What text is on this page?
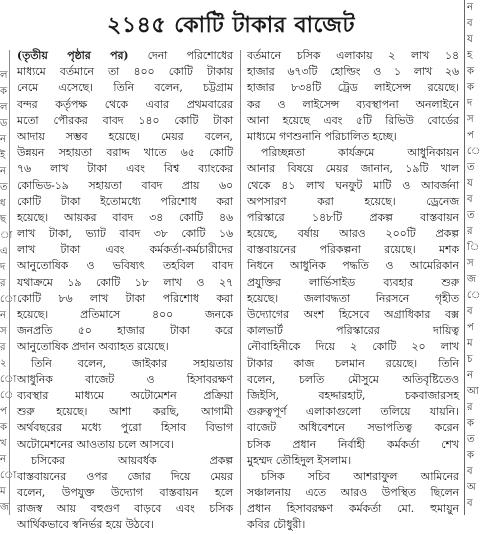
ল
ক
ল
ড
ন
ই
ন
ত
ধ
ছ
া
এ
দ
র
ো
ন
স
র
২
ো
ে
প
ক
খ
ন
ো
ম
জ
২১৪৫ কোটি টাকার বাজেট
(তৃতীয় পৃষ্ঠার পর) দেনা পরিশোধের
মাধ্যমে বর্তমানে তা ৪০০ কোটি টাকায়
নেমে এসেছে। তিনি বলেন, চট্টগ্রাম
বন্দর কর্তৃপক্ষ থেকে এবার প্রথমবারের
মতো পৌরকর বাবদ ১৪০ কোটি টাকা
আদায় সম্ভব হয়েছে। মেয়র বলেন,
উন্নয়ন সহায়তা বরাদ্দ খাতে ৬৫ কোটি
৭৬ লাখ টাকা এবং বিশ্ব ব্যাংকের
কোভিড-১৯ সহায়তা বাবদ প্রায় ৬০
কোটি টাকা ইতোমধ্যে পরিশোধ করা
হয়েছে। আয়কর বাবদ ৩৪ কোটি ৪৬
লাখ টাকা, ভ্যাট বাবদ ৩৮ কোটি ১৬
লাখ টাকা এবং কর্মকর্তা-কর্মচারীদের
আনুতোষিক ও ভবিষ্যৎ তহবিল বাবদ
যথাক্রমে ১৯ কোটি ১৮ লাখ ও ২৭
কোটি ৮৬ লাখ টাকা পরিশোধ করা
হয়েছে। প্রতিমাসে ৪০০ জনকে
জনপ্রতি ৫০ হাজার টাকা করে
আনুতোষিক প্রদান অব্যাহত রয়েছে।
তিনি বলেন, জাইকার সহায়তায়
আধুনিক বাজেট ও হিসাবরক্ষণ
ব্যবস্থার মাধ্যমে অটোমেশন প্রক্রিয়া
শুরু হয়েছে। আশা করছি, আগামী
অর্থবছরের মধ্যে পুরো হিসাব বিভাগ
অটোমেশনের আওতায় চলে আসবে।
চসিকের আয়বর্ধক প্রকল্প
বাস্তবায়নের ওপর জোর দিয়ে মেয়র
বলেন, উপযুক্ত উদ্যোগ বাস্তবায়ন হলে
রাজস্ব আয় বহুগুণ বাড়বে এবং চসিক
আর্থিকভাবে স্বনির্ভর হয়ে উঠবে।
বর্তমানে চসিক এলাকায় ২ লাখ ১৪
হাজার ৬৭৩টি হোল্ডিং ও ১ লাখ ২৬
হাজার ৮৩৪টি ট্রেড লাইসেন্স রয়েছে।
কর ও লাইসেন্স ব্যবস্থাপনা অনলাইনে
আনা হয়েছে এবং ৫টি রিভিউ বোর্ডের
মাধ্যমে গণশুনানি পরিচালিত হচ্ছে।
পরিচ্ছন্নতা কার্যক্রমে আধুনিকায়ন
আনার বিষয়ে মেয়র জানান, ১৯টি খাল
থেকে ৪১ লাখ ঘনফুট মাটি ও আবর্জনা
অপসারণ করা হয়েছে। ড্রেনেজ
পরিস্কারে ১৪৮টি প্রকল্প বাস্তবায়ন
হয়েছে, বর্ষায় আরও ২০০টি প্রকল্প
বাস্তবায়নের পরিকল্পনা রয়েছে। মশক
নিধনে আধুনিক পদ্ধতি ও আমেরিকান
প্রযুক্তির লার্ভিসাইড ব্যবহার শুরু
হয়েছে। জলাবদ্ধতা নিরসনে গৃহীত
উদ্যোগের অংশ হিসেবে অগ্রাধিকার বক্স
কালভার্ট পরিস্কারের দায়িত্ব
নৌবাহিনীকে দিয়ে ২ কোটি ২০ লাখ
টাকার কাজ চলমান রয়েছে। তিনি
বলেন, চলতি মৌসুমে অতিবৃষ্টিতেও
জিইসি, বহদ্দারহাট, চকবাজারসহ
গুরুত্বপূর্ণ এলাকাগুলো তলিয়ে যায়নি।
বাজেট অধিবেশনে সভাপতিত্ব করেন
চসিক প্রধান নির্বাহী কর্মকর্তা শেখ
মুহম্মদ তৌহিদুল ইসলাম।
চসিক সচিব আশরাফুল আমিনের
সঞ্চালনায় এতে আরও উপস্থিত ছিলেন
প্রধান হিসাবরক্ষণ কর্মকর্তা মো. হুমায়ুন
কবির চৌধুরী।
ন
ব
য
হ
ক
ক
দ
স
প
ে
ত
য
ব
ত
র
ি
স
জ
ে
ব
প
ম
চ
ন
আ
র
ক
ত
ক
ব
অ
ব
